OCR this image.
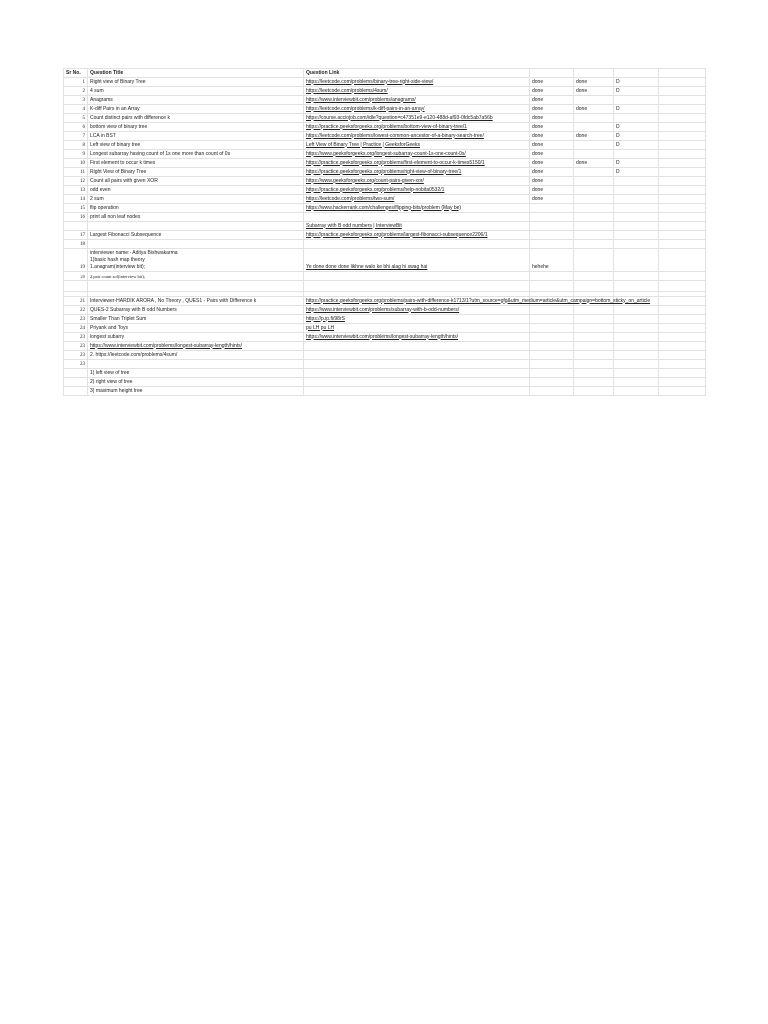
Sr No.	Question Title	Question Link				
1	Right view of Binary Tree	https://leetcode.com/problems/binary-tree-right-side-view/	done	done	D	
2	4 sum	https://leetcode.com/problems/4sum/	done	done	D	
3	Anagrams	https://www.interviewbit.com/problems/anagrams/	done			
4	K-diff Pairs in an Array	https://leetcode.com/problems/k-diff-pairs-in-an-array/	done	done	D	
5	Count distinct pairs with difference k	https://course.acciojob.com/idle?question=c47351e9-e120-488d-af93-0fdc5ab7a56b	done			
6	bottom view of binary tree	https://practice.geeksforgeeks.org/problems/bottom-view-of-binary-tree/1	done		D	
7	LCA in BST	https://leetcode.com/problems/lowest-common-ancestor-of-a-binary-search-tree/	done	done	D	
8	Left view of binary tree	Left View of Binary Tree | Practice | GeeksforGeeks	done		D	
9	Longest subarray having count of 1s one more than count of 0s	https://www.geeksforgeeks.org/longest-subarray-count-1s-one-count-0s/	done			
10	First element to occur k times	https://practice.geeksforgeeks.org/problems/first-element-to-occur-k-times5150/1	done	done	D	
11	Right View of Binary Tree	https://practice.geeksforgeeks.org/problems/right-view-of-binary-tree/1	done		D	
12	Count all pairs with given XOR	https://www.geeksforgeeks.org/count-pairs-given-xor/	done			
13	odd even	https://practice.geeksforgeeks.org/problems/help-nobita0532/1	done			
14	2 sum	https://leetcode.com/problems/two-sum/	done			
15	flip operation	https://www.hackerrank.com/challenges/flipping-bits/problem (May be)				
16	print all non leaf nodes					
		Subarray with B odd numbers | InterviewBit				
17	Largest Fibonacci Subsequence	https://practice.geeksforgeeks.org/problems/largest-fibonacci-subsequence2206/1				
18						
19	interviewer name:- Aditya Bishwakarma
1)basic hash map theory
1.anagram(interview bit);	Ye done done done likhne walo ke bhi alag hi swag hai	hehehe			
20	2.pair count sol(interview bit);					

21	Interviewer-HARDIK ARORA , No Theory , QUES1 - Pairs with Difference k	https://practice.geeksforgeeks.org/problems/pairs-with-difference-k1713/1?utm_source=gfg&utm_medium=article&utm_campaign=bottom_sticky_on_article				
22	QUES-2 Subarray with B odd Numbers	https://www.interviewbit.com/problems/subarray-with-b-odd-numbers/				
23	Smaller Than Triplet Sum	https://p.ip.fi/98rS				
24	Priyank and Toys	pu LH pu LH				
23	longest subarry	https://www.interviewbit.com/problems/longest-subarray-length/hints/				
23	https://www.interviewbit.com/problems/longest-subarray-length/hints/					
23	2. https://leetcode.com/problems/4sum/					
23						
	1) left view of tree					
	2) right view of tree					
	3) maximum height tree					
